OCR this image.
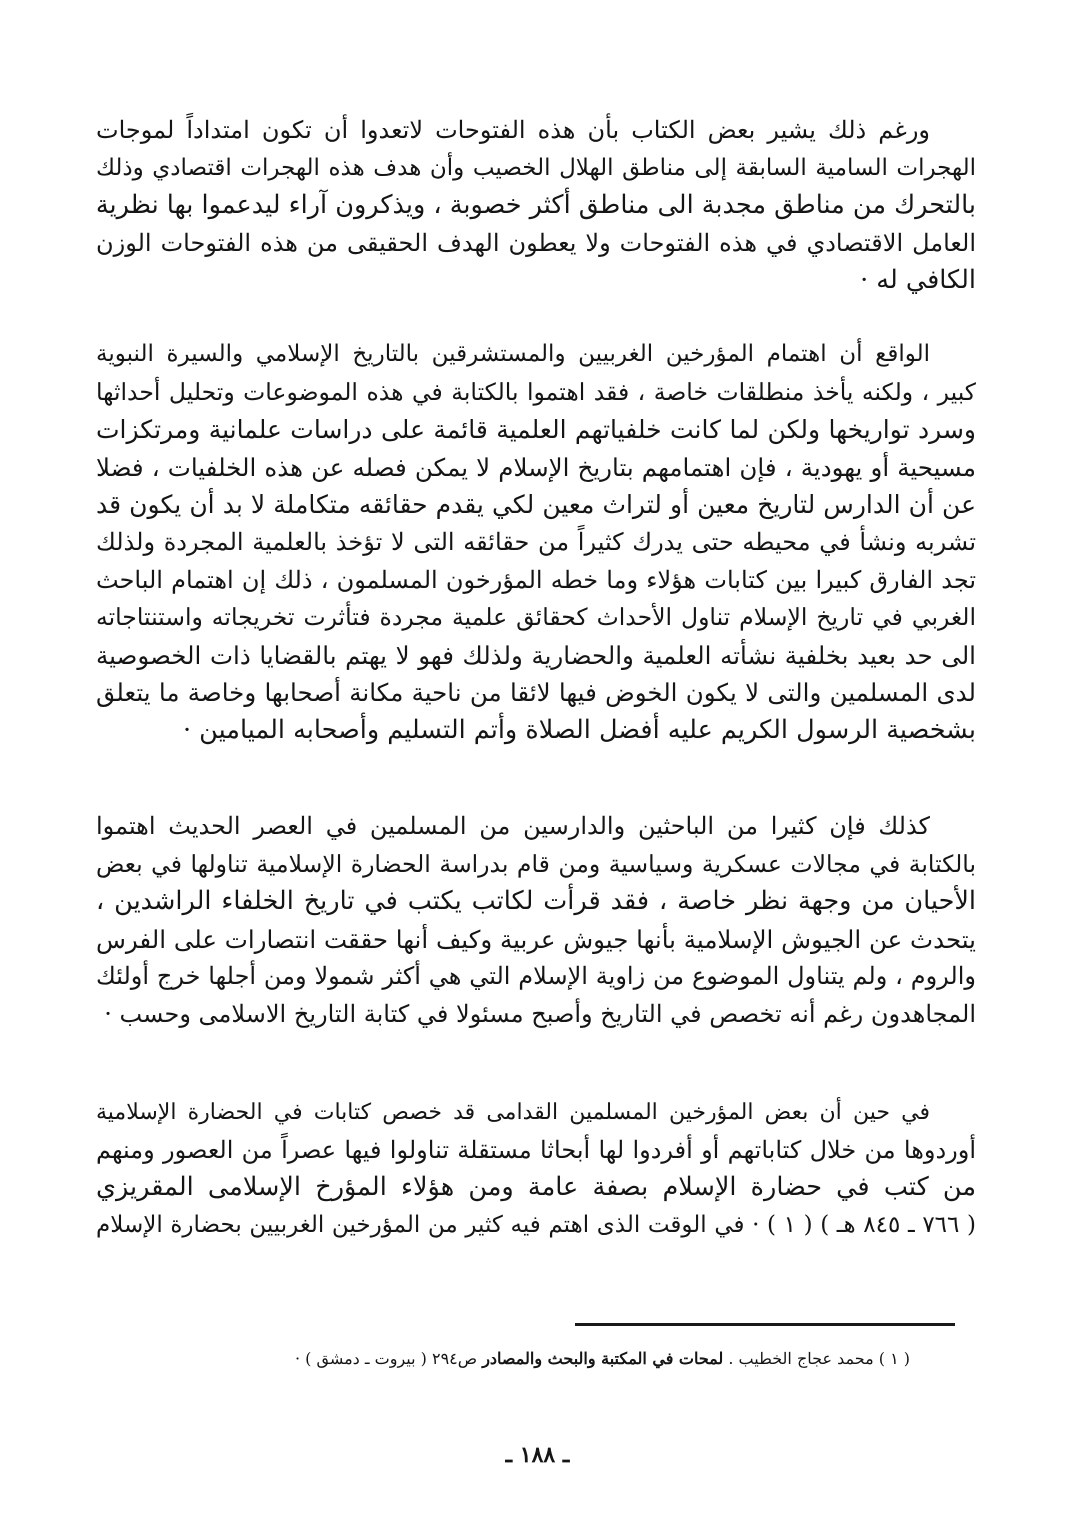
ورغم ذلك يشير بعض الكتاب بأن هذه الفتوحات لاتعدوا أن تكون امتداداً لموجات
الهجرات السامية السابقة إلى مناطق الهلال الخصيب وأن هدف هذه الهجرات اقتصادي وذلك
بالتحرك من مناطق مجدبة الى مناطق أكثر خصوبة ، ويذكرون آراء ليدعموا بها نظرية
العامل الاقتصادي في هذه الفتوحات ولا يعطون الهدف الحقيقى من هذه الفتوحات الوزن
الكافي له ·
الواقع أن اهتمام المؤرخين الغربيين والمستشرقين بالتاريخ الإسلامي والسيرة النبوية
كبير ، ولكنه يأخذ منطلقات خاصة ، فقد اهتموا بالكتابة في هذه الموضوعات وتحليل أحداثها
وسرد تواريخها ولكن لما كانت خلفياتهم العلمية قائمة على دراسات علمانية ومرتكزات
مسيحية أو يهودية ، فإن اهتمامهم بتاريخ الإسلام لا يمكن فصله عن هذه الخلفيات ، فضلا
عن أن الدارس لتاريخ معين أو لتراث معين لكي يقدم حقائقه متكاملة لا بد أن يكون قد
تشربه ونشأ في محيطه حتى يدرك كثيراً من حقائقه التى لا تؤخذ بالعلمية المجردة ولذلك
تجد الفارق كبيرا بين كتابات هؤلاء وما خطه المؤرخون المسلمون ، ذلك إن اهتمام الباحث
الغربي في تاريخ الإسلام تناول الأحداث كحقائق علمية مجردة فتأثرت تخريجاته واستنتاجاته
الى حد بعيد بخلفية نشأته العلمية والحضارية ولذلك فهو لا يهتم بالقضايا ذات الخصوصية
لدى المسلمين والتى لا يكون الخوض فيها لائقا من ناحية مكانة أصحابها وخاصة ما يتعلق
بشخصية الرسول الكريم عليه أفضل الصلاة وأتم التسليم وأصحابه الميامين ·
كذلك فإن كثيرا من الباحثين والدارسين من المسلمين في العصر الحديث اهتموا
بالكتابة في مجالات عسكرية وسياسية ومن قام بدراسة الحضارة الإسلامية تناولها في بعض
الأحيان من وجهة نظر خاصة ، فقد قرأت لكاتب يكتب في تاريخ الخلفاء الراشدين ،
يتحدث عن الجيوش الإسلامية بأنها جيوش عربية وكيف أنها حققت انتصارات على الفرس
والروم ، ولم يتناول الموضوع من زاوية الإسلام التي هي أكثر شمولا ومن أجلها خرج أولئك
المجاهدون رغم أنه تخصص في التاريخ وأصبح مسئولا في كتابة التاريخ الاسلامى وحسب ·
في حين أن بعض المؤرخين المسلمين القدامى قد خصص كتابات في الحضارة الإسلامية
أوردوها من خلال كتاباتهم أو أفردوا لها أبحاثا مستقلة تناولوا فيها عصراً من العصور ومنهم
من كتب في حضارة الإسلام بصفة عامة ومن هؤلاء المؤرخ الإسلامى المقريزي
( ٧٦٦ ـ ٨٤٥ هـ ) ( ١ ) · في الوقت الذى اهتم فيه كثير من المؤرخين الغربيين بحضارة الإسلام
( ١ ) محمد عجاج الخطيب . لمحات في المكتبة والبحث والمصادر ص٢٩٤ ( بيروت ـ دمشق ) ·
ـ ١٨٨ ـ
